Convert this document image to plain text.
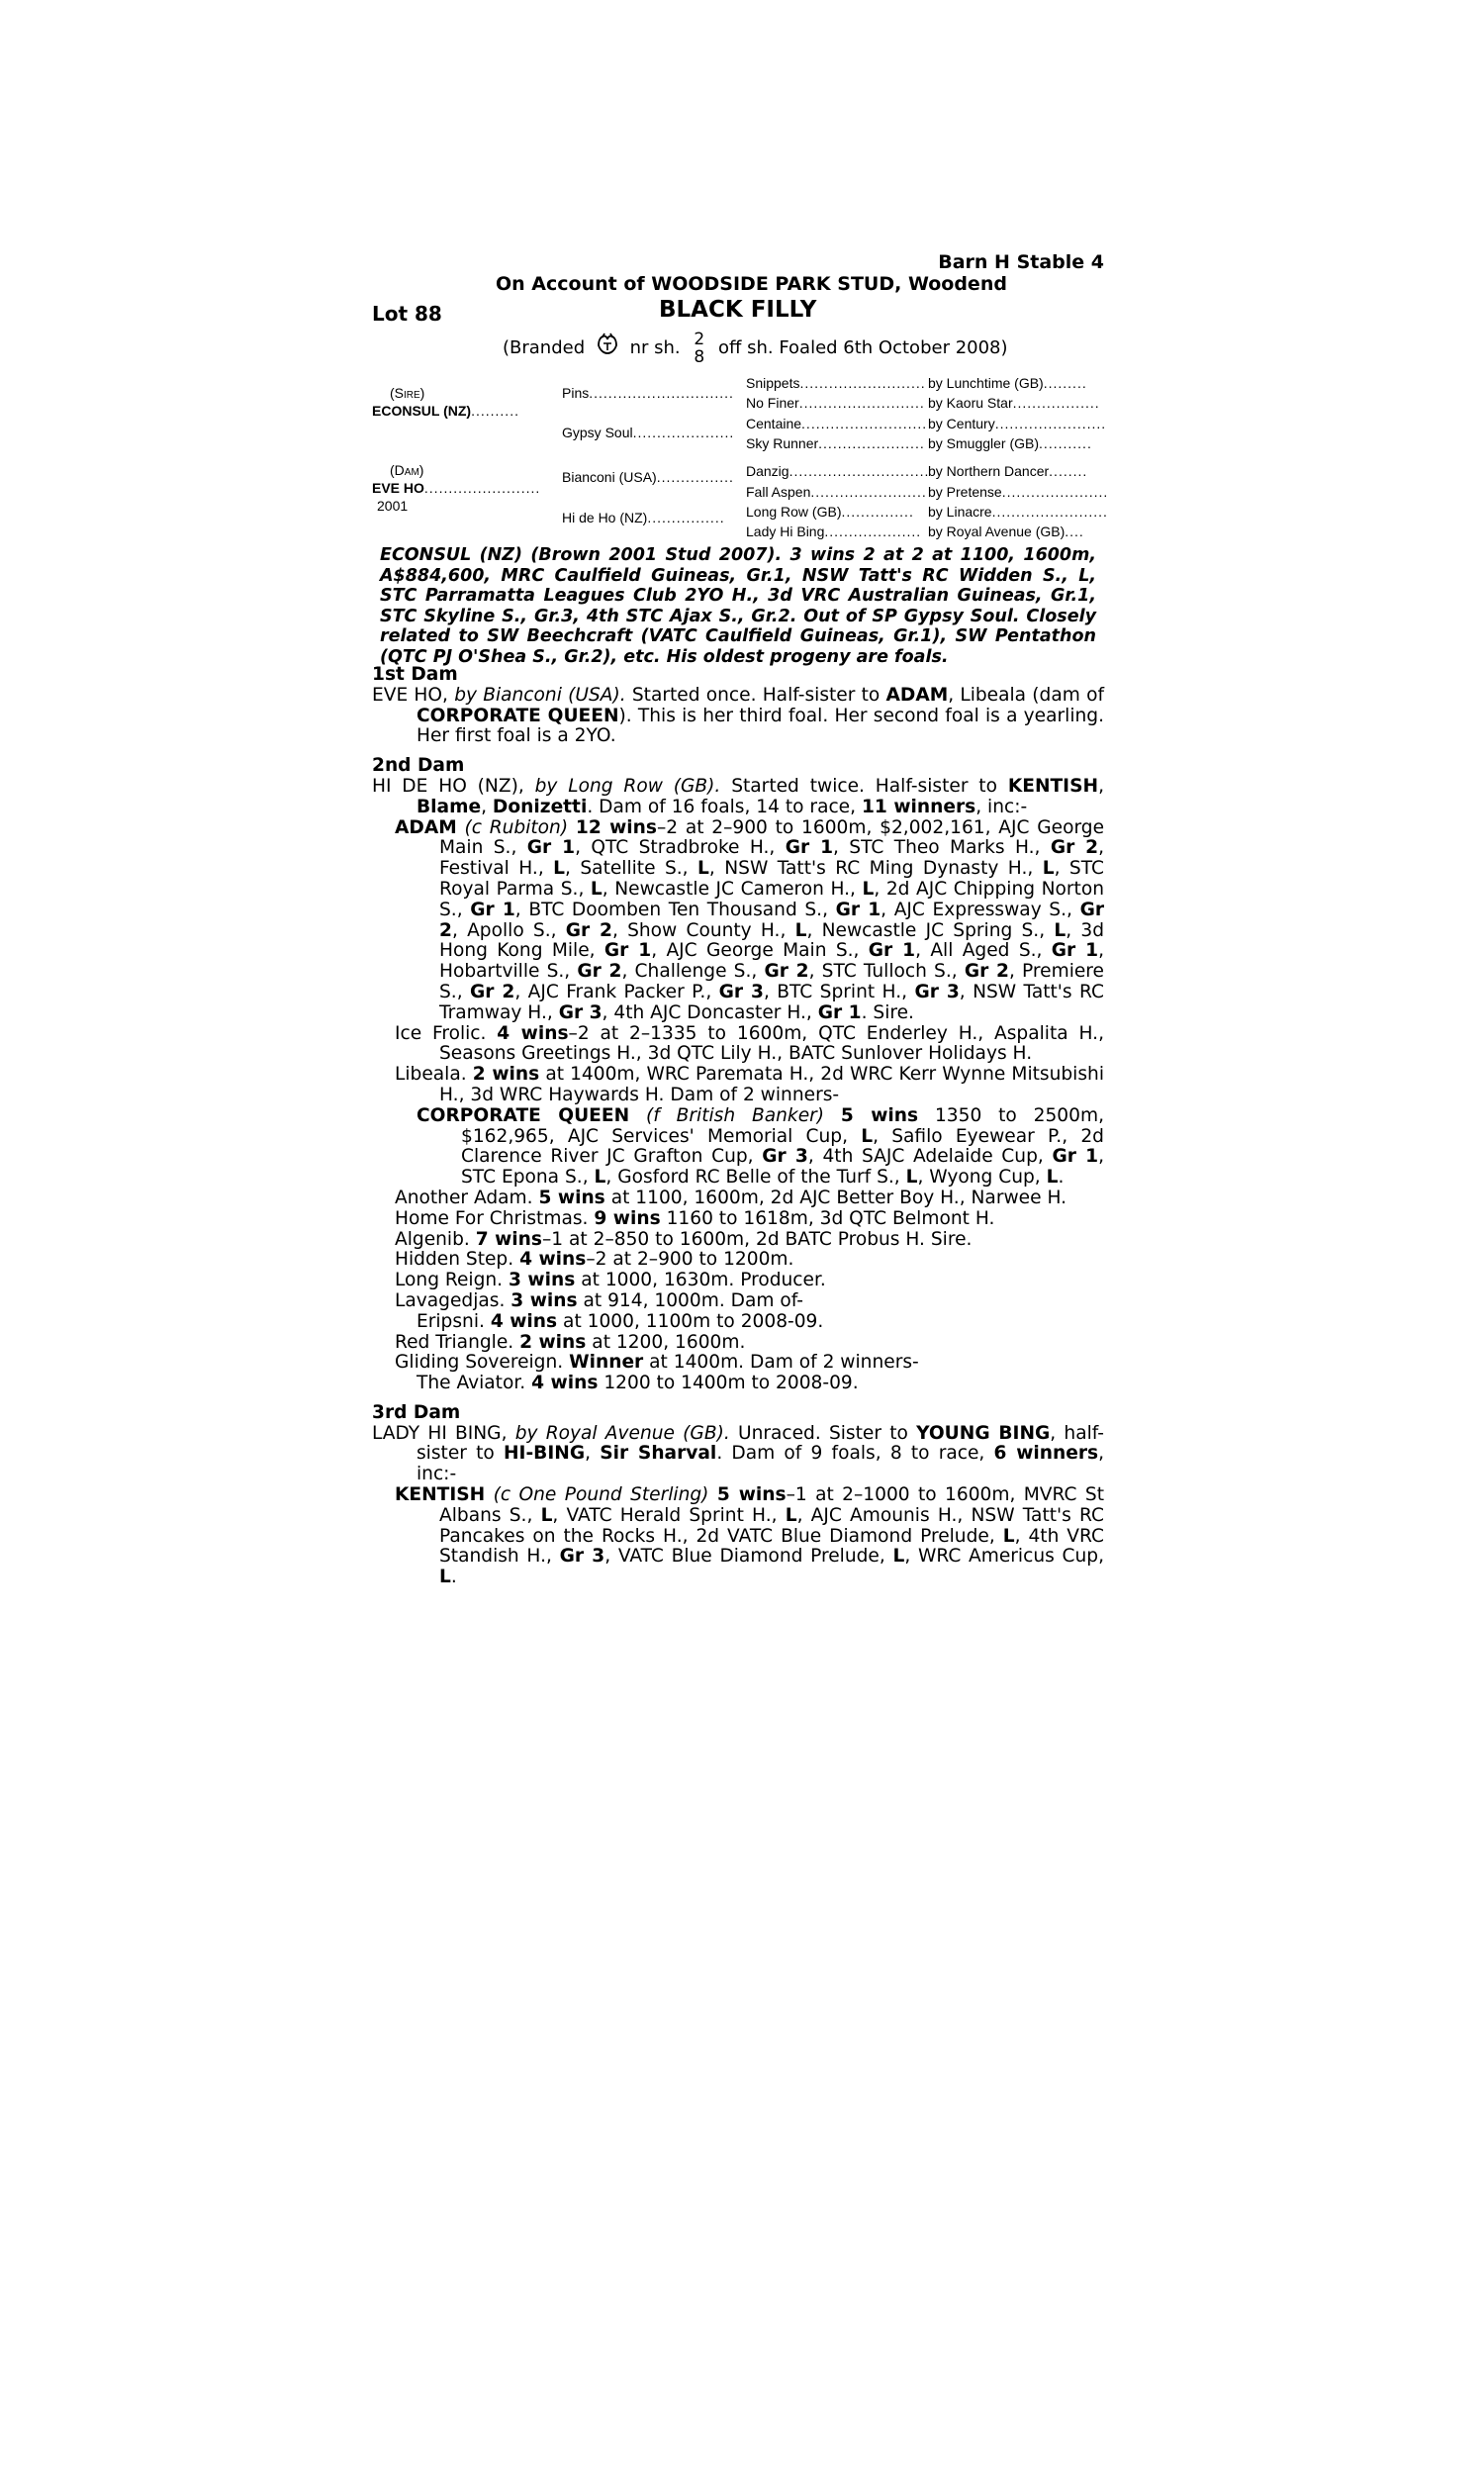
Barn H Stable 4
On Account of WOODSIDE PARK STUD, Woodend
Lot 88	BLACK FILLY
(Branded	nr sh. 2
8 off sh. Foaled 6th October 2008)
(Sire)
ECONSUL (NZ)..........
(Dam)
EVE HO........................
2001
Pins..............................
Gypsy Soul.....................
Bianconi (USA)................
Hi de Ho (NZ)................
Snippets..........................
No Finer..........................
Centaine..........................
Sky Runner......................
Danzig.............................
Fall Aspen........................
Long Row (GB)...............
Lady Hi Bing....................
by Lunchtime (GB).........
by Kaoru Star..................
by Century.......................
by Smuggler (GB)...........
by Northern Dancer........
by Pretense......................
by Linacre........................
by Royal Avenue (GB)....
ECONSUL (NZ) (Brown 2001 Stud 2007). 3 wins 2 at 2 at 1100, 1600m, A$884,600, MRC Caulfield Guineas, Gr.1, NSW Tatt's RC Widden S., L, STC Parramatta Leagues Club 2YO H., 3d VRC Australian Guineas, Gr.1, STC Skyline S., Gr.3, 4th STC Ajax S., Gr.2. Out of SP Gypsy Soul. Closely related to SW Beechcraft (VATC Caulfield Guineas, Gr.1), SW Pentathon (QTC PJ O'Shea S., Gr.2), etc. His oldest progeny are foals.
1st Dam
EVE HO, by Bianconi (USA). Started once. Half-sister to ADAM, Libeala (dam of CORPORATE QUEEN). This is her third foal. Her second foal is a yearling. Her first foal is a 2YO.
2nd Dam
HI DE HO (NZ), by Long Row (GB). Started twice. Half-sister to KENTISH, Blame, Donizetti. Dam of 16 foals, 14 to race, 11 winners, inc:-
ADAM (c Rubiton) 12 wins–2 at 2–900 to 1600m, $2,002,161, AJC George Main S., Gr 1, QTC Stradbroke H., Gr 1, STC Theo Marks H., Gr 2, Festival H., L, Satellite S., L, NSW Tatt's RC Ming Dynasty H., L, STC Royal Parma S., L, Newcastle JC Cameron H., L, 2d AJC Chipping Norton S., Gr 1, BTC Doomben Ten Thousand S., Gr 1, AJC Expressway S., Gr 2, Apollo S., Gr 2, Show County H., L, Newcastle JC Spring S., L, 3d Hong Kong Mile, Gr 1, AJC George Main S., Gr 1, All Aged S., Gr 1, Hobartville S., Gr 2, Challenge S., Gr 2, STC Tulloch S., Gr 2, Premiere S., Gr 2, AJC Frank Packer P., Gr 3, BTC Sprint H., Gr 3, NSW Tatt's RC Tramway H., Gr 3, 4th AJC Doncaster H., Gr 1. Sire.
Ice Frolic. 4 wins–2 at 2–1335 to 1600m, QTC Enderley H., Aspalita H., Seasons Greetings H., 3d QTC Lily H., BATC Sunlover Holidays H.
Libeala. 2 wins at 1400m, WRC Paremata H., 2d WRC Kerr Wynne Mitsubishi H., 3d WRC Haywards H. Dam of 2 winners-
CORPORATE QUEEN (f British Banker) 5 wins 1350 to 2500m, $162,965, AJC Services' Memorial Cup, L, Safilo Eyewear P., 2d Clarence River JC Grafton Cup, Gr 3, 4th SAJC Adelaide Cup, Gr 1, STC Epona S., L, Gosford RC Belle of the Turf S., L, Wyong Cup, L.
Another Adam. 5 wins at 1100, 1600m, 2d AJC Better Boy H., Narwee H.
Home For Christmas. 9 wins 1160 to 1618m, 3d QTC Belmont H.
Algenib. 7 wins–1 at 2–850 to 1600m, 2d BATC Probus H. Sire.
Hidden Step. 4 wins–2 at 2–900 to 1200m.
Long Reign. 3 wins at 1000, 1630m. Producer.
Lavagedjas. 3 wins at 914, 1000m. Dam of-
Eripsni. 4 wins at 1000, 1100m to 2008-09.
Red Triangle. 2 wins at 1200, 1600m.
Gliding Sovereign. Winner at 1400m. Dam of 2 winners-
The Aviator. 4 wins 1200 to 1400m to 2008-09.
3rd Dam
LADY HI BING, by Royal Avenue (GB). Unraced. Sister to YOUNG BING, half-sister to HI-BING, Sir Sharval. Dam of 9 foals, 8 to race, 6 winners, inc:-
KENTISH (c One Pound Sterling) 5 wins–1 at 2–1000 to 1600m, MVRC St Albans S., L, VATC Herald Sprint H., L, AJC Amounis H., NSW Tatt's RC Pancakes on the Rocks H., 2d VATC Blue Diamond Prelude, L, 4th VRC Standish H., Gr 3, VATC Blue Diamond Prelude, L, WRC Americus Cup, L.
